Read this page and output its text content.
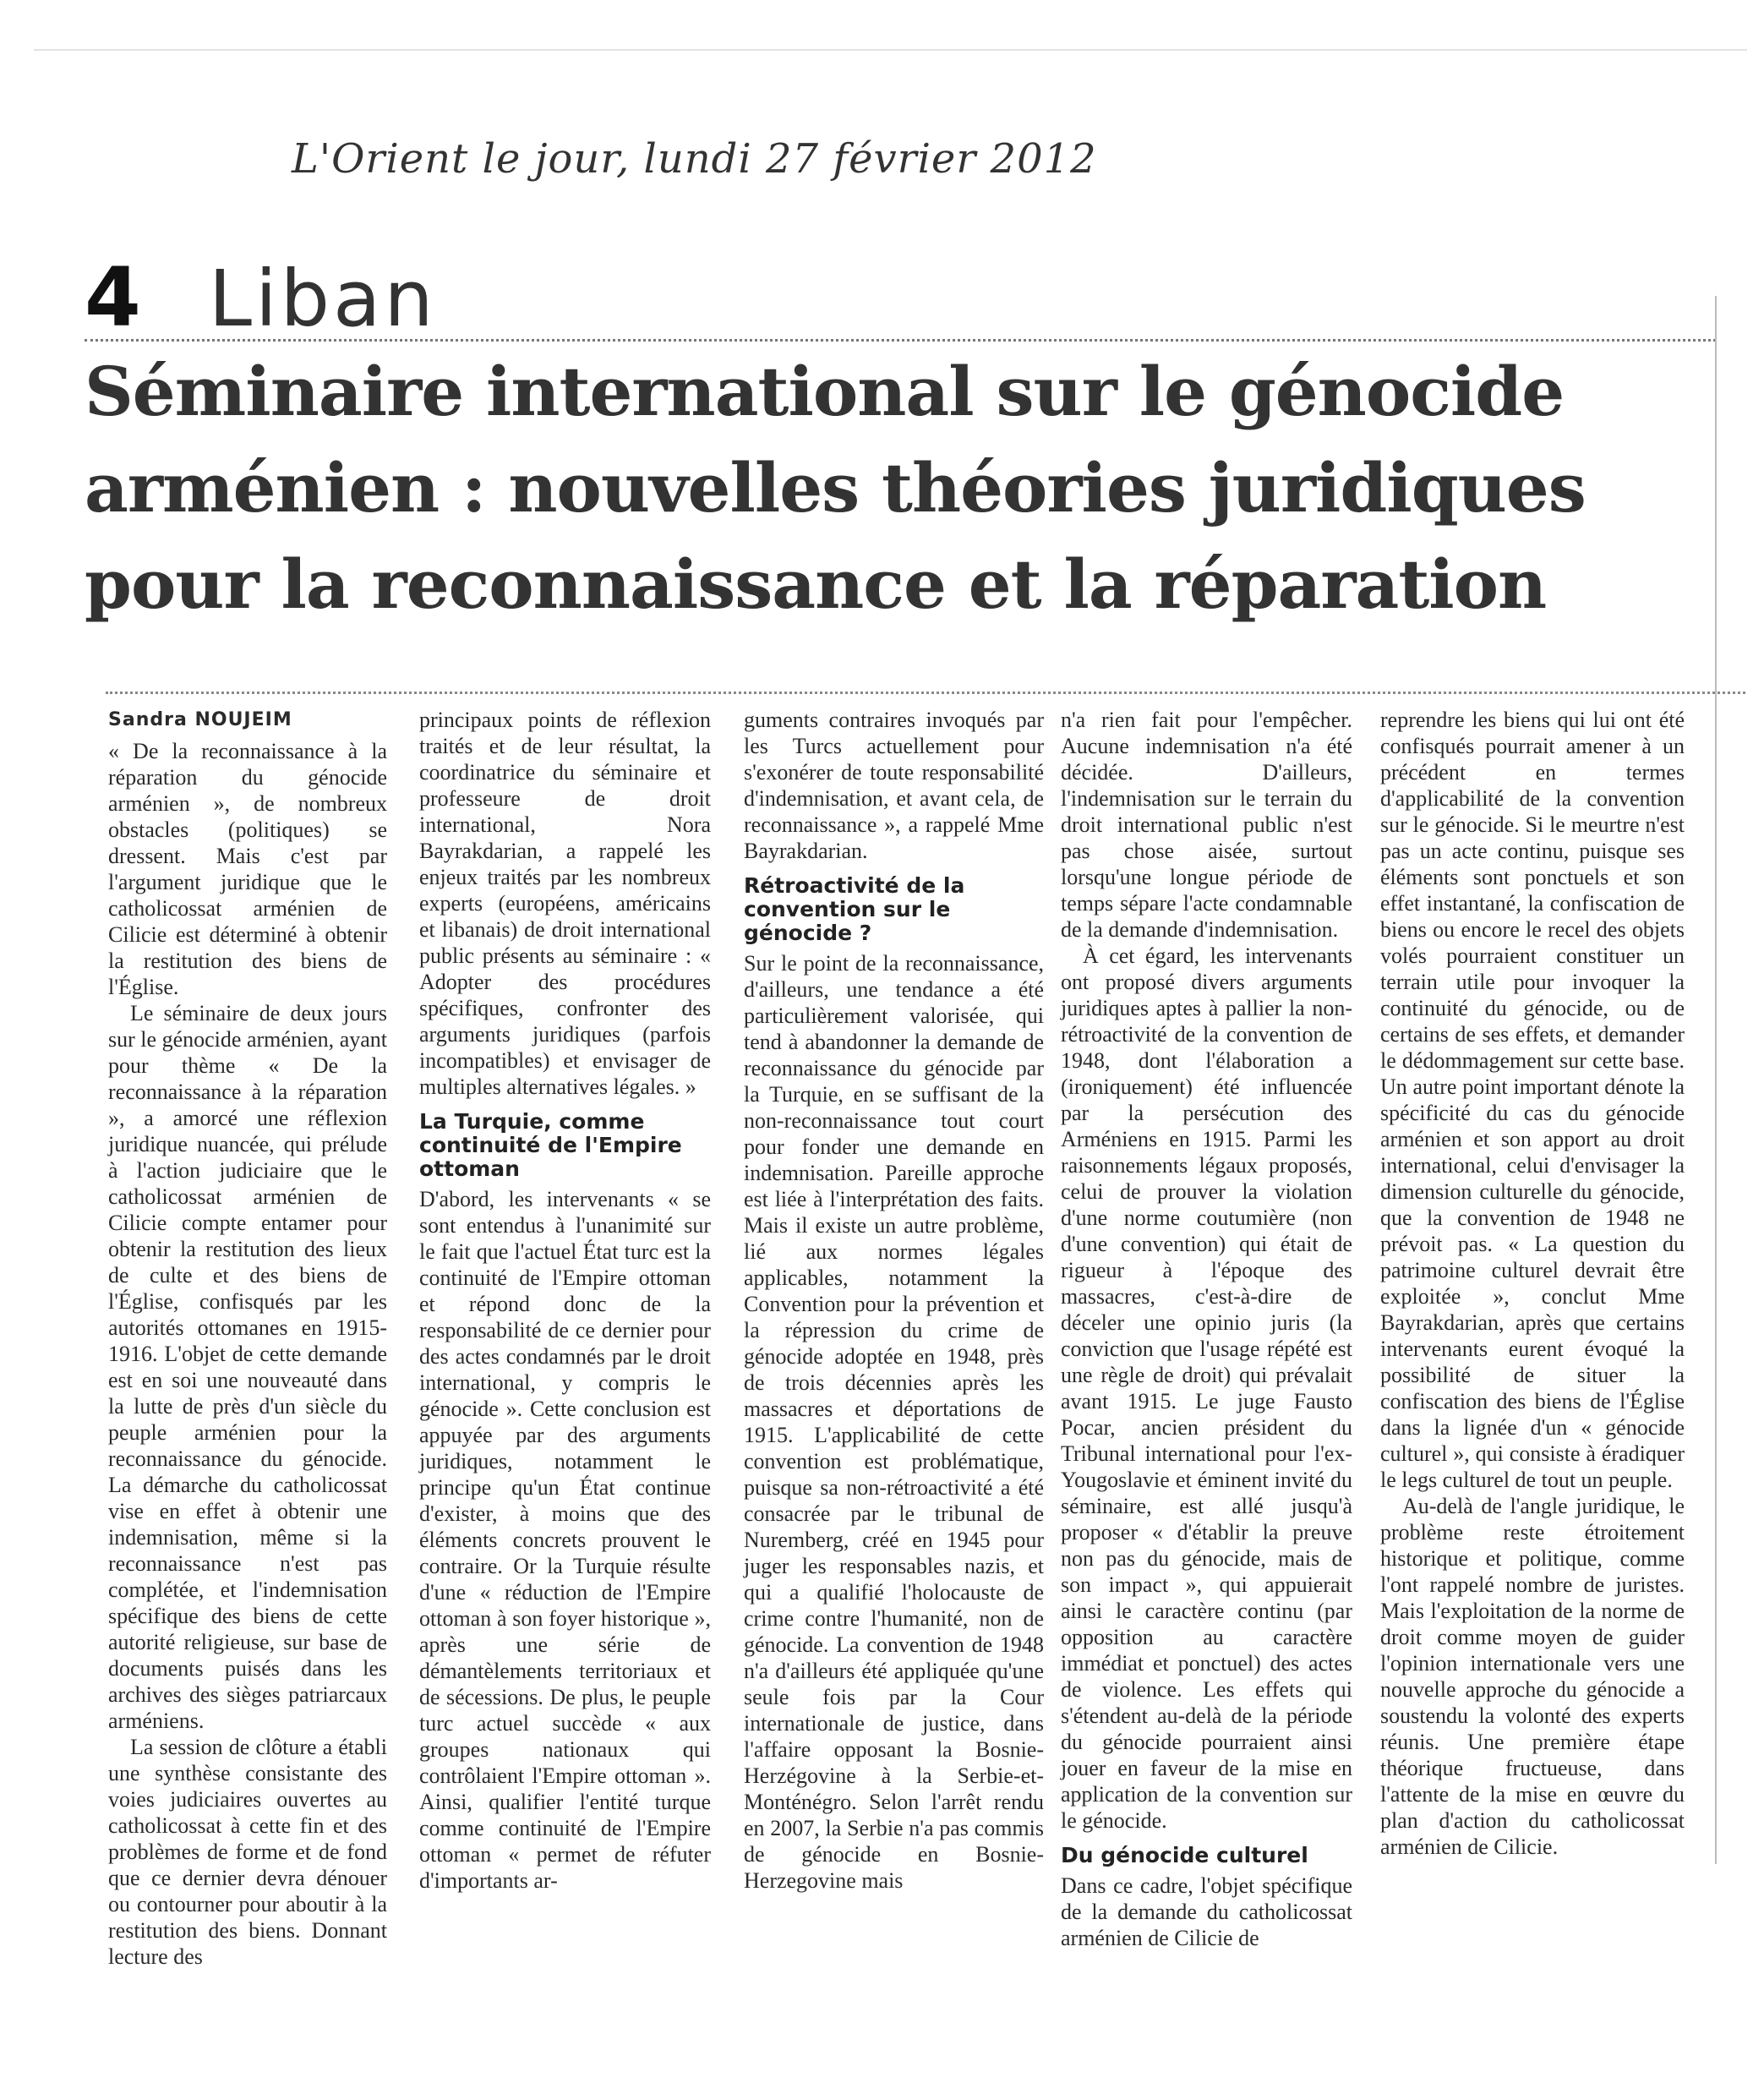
L'Orient le jour, lundi 27 février 2012
4 Liban
Séminaire international sur le génocide arménien : nouvelles théories juridiques pour la reconnaissance et la réparation
Sandra NOUJEIM

« De la reconnaissance à la réparation du génocide arménien », de nombreux obstacles (politiques) se dressent. Mais c'est par l'argument juridique que le catholicossat arménien de Cilicie est déterminé à obtenir la restitution des biens de l'Église.

Le séminaire de deux jours sur le génocide arménien, ayant pour thème « De la reconnaissance à la réparation », a amorcé une réflexion juridique nuancée, qui prélude à l'action judiciaire que le catholicossat arménien de Cilicie compte entamer pour obtenir la restitution des lieux de culte et des biens de l'Église, confisqués par les autorités ottomanes en 1915-1916. L'objet de cette demande est en soi une nouveauté dans la lutte de près d'un siècle du peuple arménien pour la reconnaissance du génocide. La démarche du catholicossat vise en effet à obtenir une indemnisation, même si la reconnaissance n'est pas complétée, et l'indemnisation spécifique des biens de cette autorité religieuse, sur base de documents puisés dans les archives des sièges patriarcaux arméniens.

La session de clôture a établi une synthèse consistante des voies judiciaires ouvertes au catholicossat à cette fin et des problèmes de forme et de fond que ce dernier devra dénouer ou contourner pour aboutir à la restitution des biens. Donnant lecture des

principaux points de réflexion traités et de leur résultat, la coordinatrice du séminaire et professeure de droit international, Nora Bayrakdarian, a rappelé les enjeux traités par les nombreux experts (européens, américains et libanais) de droit international public présents au séminaire : « Adopter des procédures spécifiques, confronter des arguments juridiques (parfois incompatibles) et envisager de multiples alternatives légales. »

La Turquie, comme continuité de l'Empire ottoman

D'abord, les intervenants « se sont entendus à l'unanimité sur le fait que l'actuel État turc est la continuité de l'Empire ottoman et répond donc de la responsabilité de ce dernier pour des actes condamnés par le droit international, y compris le génocide ». Cette conclusion est appuyée par des arguments juridiques, notamment le principe qu'un État continue d'exister, à moins que des éléments concrets prouvent le contraire. Or la Turquie résulte d'une « réduction de l'Empire ottoman à son foyer historique », après une série de démantèlements territoriaux et de sécessions. De plus, le peuple turc actuel succède « aux groupes nationaux qui contrôlaient l'Empire ottoman ». Ainsi, qualifier l'entité turque comme continuité de l'Empire ottoman « permet de réfuter d'importants ar-

guments contraires invoqués par les Turcs actuellement pour s'exonérer de toute responsabilité d'indemnisation, et avant cela, de reconnaissance », a rappelé Mme Bayrakdarian.

Rétroactivité de la convention sur le génocide ?

Sur le point de la reconnaissance, d'ailleurs, une tendance a été particulièrement valorisée, qui tend à abandonner la demande de reconnaissance du génocide par la Turquie, en se suffisant de la non-reconnaissance tout court pour fonder une demande en indemnisation. Pareille approche est liée à l'interprétation des faits. Mais il existe un autre problème, lié aux normes légales applicables, notamment la Convention pour la prévention et la répression du crime de génocide adoptée en 1948, près de trois décennies après les massacres et déportations de 1915. L'applicabilité de cette convention est problématique, puisque sa non-rétroactivité a été consacrée par le tribunal de Nuremberg, créé en 1945 pour juger les responsables nazis, et qui a qualifié l'holocauste de crime contre l'humanité, non de génocide. La convention de 1948 n'a d'ailleurs été appliquée qu'une seule fois par la Cour internationale de justice, dans l'affaire opposant la Bosnie-Herzégovine à la Serbie-et-Monténégro. Selon l'arrêt rendu en 2007, la Serbie n'a pas commis de génocide en Bosnie-Herzegovine mais

n'a rien fait pour l'empêcher. Aucune indemnisation n'a été décidée. D'ailleurs, l'indemnisation sur le terrain du droit international public n'est pas chose aisée, surtout lorsqu'une longue période de temps sépare l'acte condamnable de la demande d'indemnisation.

À cet égard, les intervenants ont proposé divers arguments juridiques aptes à pallier la non-rétroactivité de la convention de 1948, dont l'élaboration a (ironiquement) été influencée par la persécution des Arméniens en 1915. Parmi les raisonnements légaux proposés, celui de prouver la violation d'une norme coutumière (non d'une convention) qui était de rigueur à l'époque des massacres, c'est-à-dire de déceler une opinio juris (la conviction que l'usage répété est une règle de droit) qui prévalait avant 1915. Le juge Fausto Pocar, ancien président du Tribunal international pour l'ex-Yougoslavie et éminent invité du séminaire, est allé jusqu'à proposer « d'établir la preuve non pas du génocide, mais de son impact », qui appuierait ainsi le caractère continu (par opposition au caractère immédiat et ponctuel) des actes de violence. Les effets qui s'étendent au-delà de la période du génocide pourraient ainsi jouer en faveur de la mise en application de la convention sur le génocide.

Du génocide culturel

Dans ce cadre, l'objet spécifique de la demande du catholicossat arménien de Cilicie de

reprendre les biens qui lui ont été confisqués pourrait amener à un précédent en termes d'applicabilité de la convention sur le génocide. Si le meurtre n'est pas un acte continu, puisque ses éléments sont ponctuels et son effet instantané, la confiscation de biens ou encore le recel des objets volés pourraient constituer un terrain utile pour invoquer la continuité du génocide, ou de certains de ses effets, et demander le dédommagement sur cette base. Un autre point important dénote la spécificité du cas du génocide arménien et son apport au droit international, celui d'envisager la dimension culturelle du génocide, que la convention de 1948 ne prévoit pas. « La question du patrimoine culturel devrait être exploitée », conclut Mme Bayrakdarian, après que certains intervenants eurent évoqué la possibilité de situer la confiscation des biens de l'Église dans la lignée d'un « génocide culturel », qui consiste à éradiquer le legs culturel de tout un peuple.

Au-delà de l'angle juridique, le problème reste étroitement historique et politique, comme l'ont rappelé nombre de juristes. Mais l'exploitation de la norme de droit comme moyen de guider l'opinion internationale vers une nouvelle approche du génocide a soustendu la volonté des experts réunis. Une première étape théorique fructueuse, dans l'attente de la mise en œuvre du plan d'action du catholicossat arménien de Cilicie.
